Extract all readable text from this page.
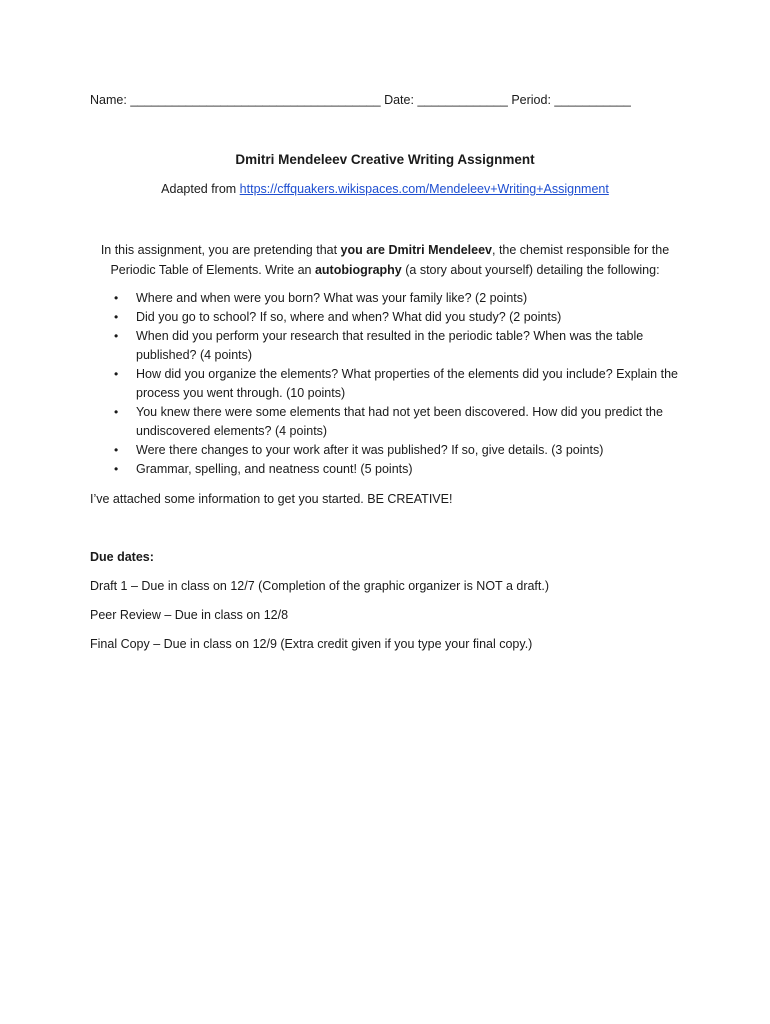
Name: ____________________________________ Date: _____________ Period: ___________
Dmitri Mendeleev Creative Writing Assignment
Adapted from https://cffquakers.wikispaces.com/Mendeleev+Writing+Assignment
In this assignment, you are pretending that you are Dmitri Mendeleev, the chemist responsible for the Periodic Table of Elements. Write an autobiography (a story about yourself) detailing the following:
• Where and when were you born? What was your family like? (2 points)
• Did you go to school? If so, where and when? What did you study? (2 points)
• When did you perform your research that resulted in the periodic table? When was the table published? (4 points)
• How did you organize the elements? What properties of the elements did you include? Explain the process you went through. (10 points)
• You knew there were some elements that had not yet been discovered. How did you predict the undiscovered elements? (4 points)
• Were there changes to your work after it was published? If so, give details. (3 points)
• Grammar, spelling, and neatness count! (5 points)
I’ve attached some information to get you started. BE CREATIVE!
Due dates:
Draft 1 – Due in class on 12/7 (Completion of the graphic organizer is NOT a draft.)
Peer Review – Due in class on 12/8
Final Copy – Due in class on 12/9 (Extra credit given if you type your final copy.)
